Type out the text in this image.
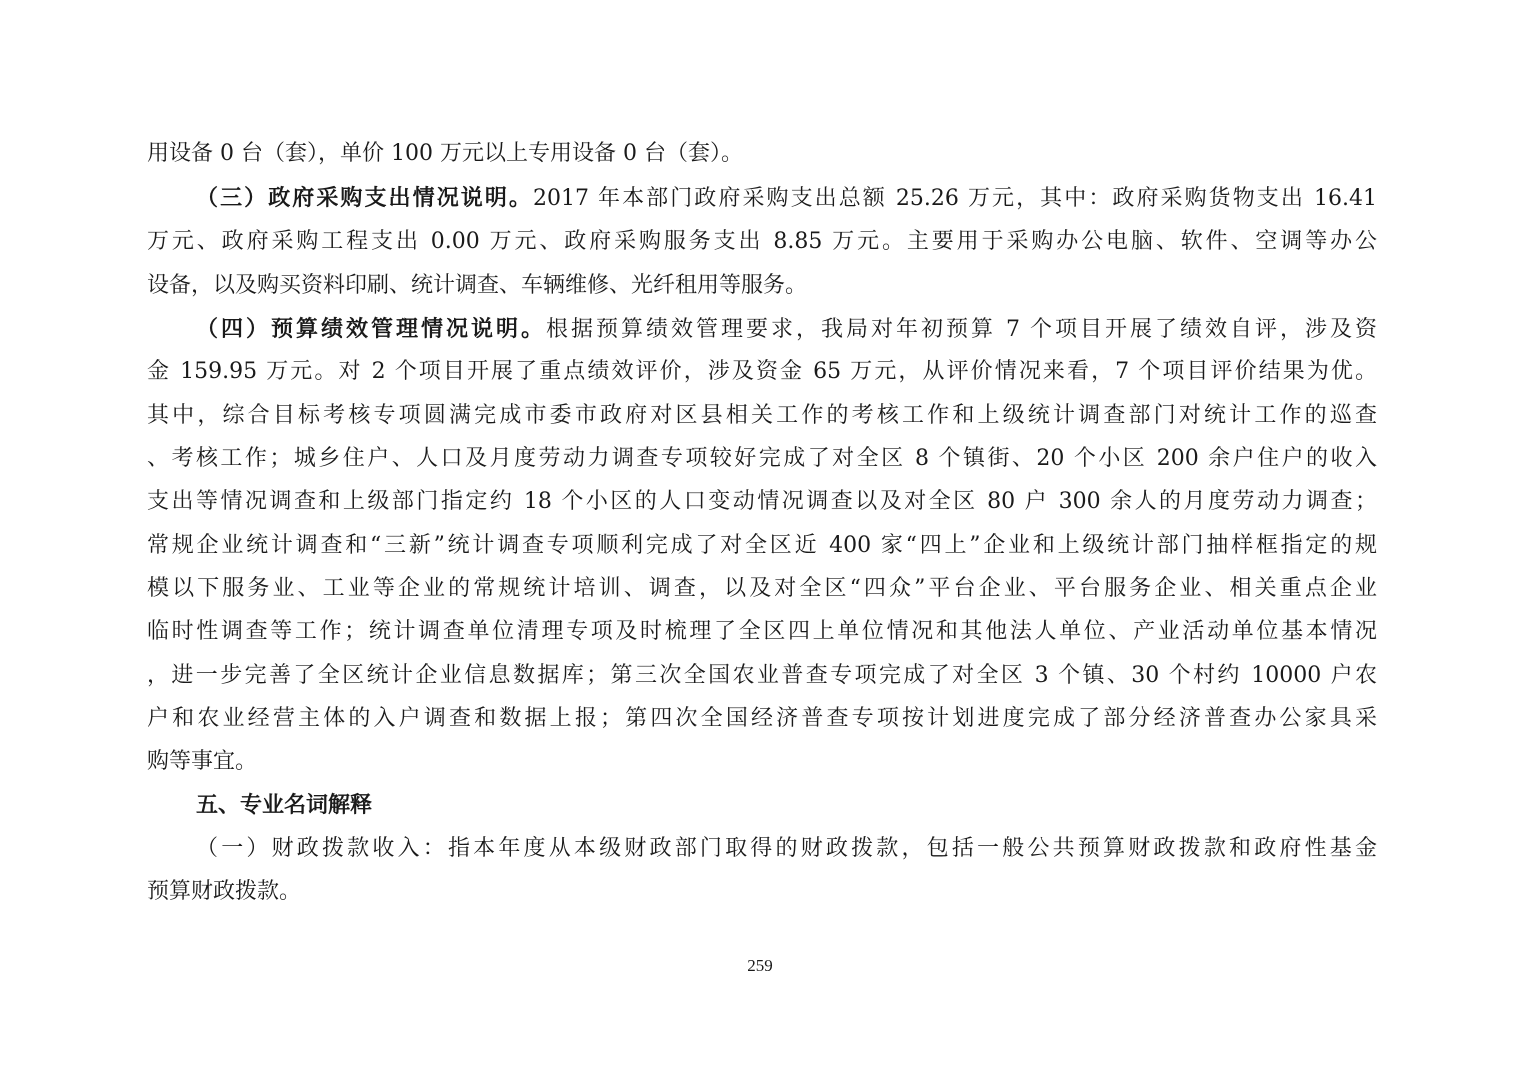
用设备 0 台（套），单价 100 万元以上专用设备 0 台（套）。
（三）政府采购支出情况说明。2017 年本部门政府采购支出总额 25.26 万元，其中：政府采购货物支出 16.41
万元、政府采购工程支出 0.00 万元、政府采购服务支出 8.85 万元。主要用于采购办公电脑、软件、空调等办公
设备，以及购买资料印刷、统计调查、车辆维修、光纤租用等服务。
（四）预算绩效管理情况说明。根据预算绩效管理要求，我局对年初预算 7 个项目开展了绩效自评，涉及资
金 159.95 万元。对 2 个项目开展了重点绩效评价，涉及资金 65 万元，从评价情况来看，7 个项目评价结果为优。
其中，综合目标考核专项圆满完成市委市政府对区县相关工作的考核工作和上级统计调查部门对统计工作的巡查
、考核工作；城乡住户、人口及月度劳动力调查专项较好完成了对全区 8 个镇街、20 个小区 200 余户住户的收入
支出等情况调查和上级部门指定约 18 个小区的人口变动情况调查以及对全区 80 户 300 余人的月度劳动力调查；
常规企业统计调查和“三新”统计调查专项顺利完成了对全区近 400 家“四上”企业和上级统计部门抽样框指定的规
模以下服务业、工业等企业的常规统计培训、调查，以及对全区“四众”平台企业、平台服务企业、相关重点企业
临时性调查等工作；统计调查单位清理专项及时梳理了全区四上单位情况和其他法人单位、产业活动单位基本情况
，进一步完善了全区统计企业信息数据库；第三次全国农业普查专项完成了对全区 3 个镇、30 个村约 10000 户农
户和农业经营主体的入户调查和数据上报；第四次全国经济普查专项按计划进度完成了部分经济普查办公家具采
购等事宜。
五、专业名词解释
（一）财政拨款收入：指本年度从本级财政部门取得的财政拨款，包括一般公共预算财政拨款和政府性基金
预算财政拨款。
259
